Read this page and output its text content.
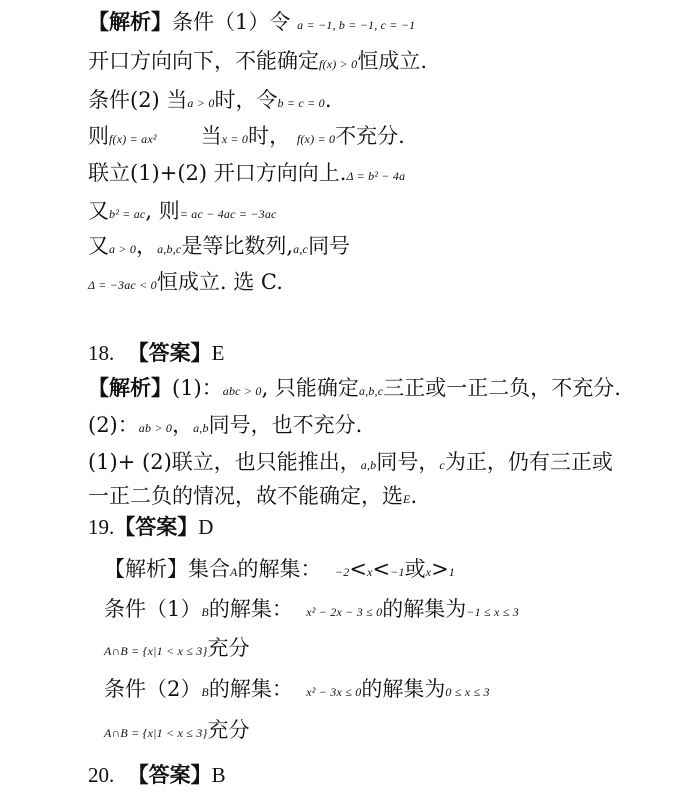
【解析】条件（1）令 a = −1, b = −1, c = −1
开口方向向下，不能确定f(x) > 0恒成立.
条件(2) 当a > 0时，令b = c = 0.
则f(x) = ax² 当x = 0时， f(x) = 0不充分.
联立(1)+(2) 开口方向向上.Δ = b² − 4a
又b² = ac, 则= ac − 4ac = −3ac
又a > 0，a,b,c是等比数列,a,c同号
Δ = −3ac < 0恒成立. 选 C.
18. 【答案】E
【解析】(1)：abc > 0, 只能确定a,b,c三正或一正二负，不充分.
(2)：ab > 0，a,b同号，也不充分.
(1)+ (2)联立，也只能推出，a,b同号，c为正，仍有三正或
一正二负的情况，故不能确定，选E.
19.【答案】D
【解析】集合A的解集： −2<x<−1或x>1
条件（1）B的解集： x² − 2x − 3 ≤ 0的解集为−1 ≤ x ≤ 3
A∩B = {x|1 < x ≤ 3}充分
条件（2）B的解集： x² − 3x ≤ 0的解集为0 ≤ x ≤ 3
A∩B = {x|1 < x ≤ 3}充分
20. 【答案】B
